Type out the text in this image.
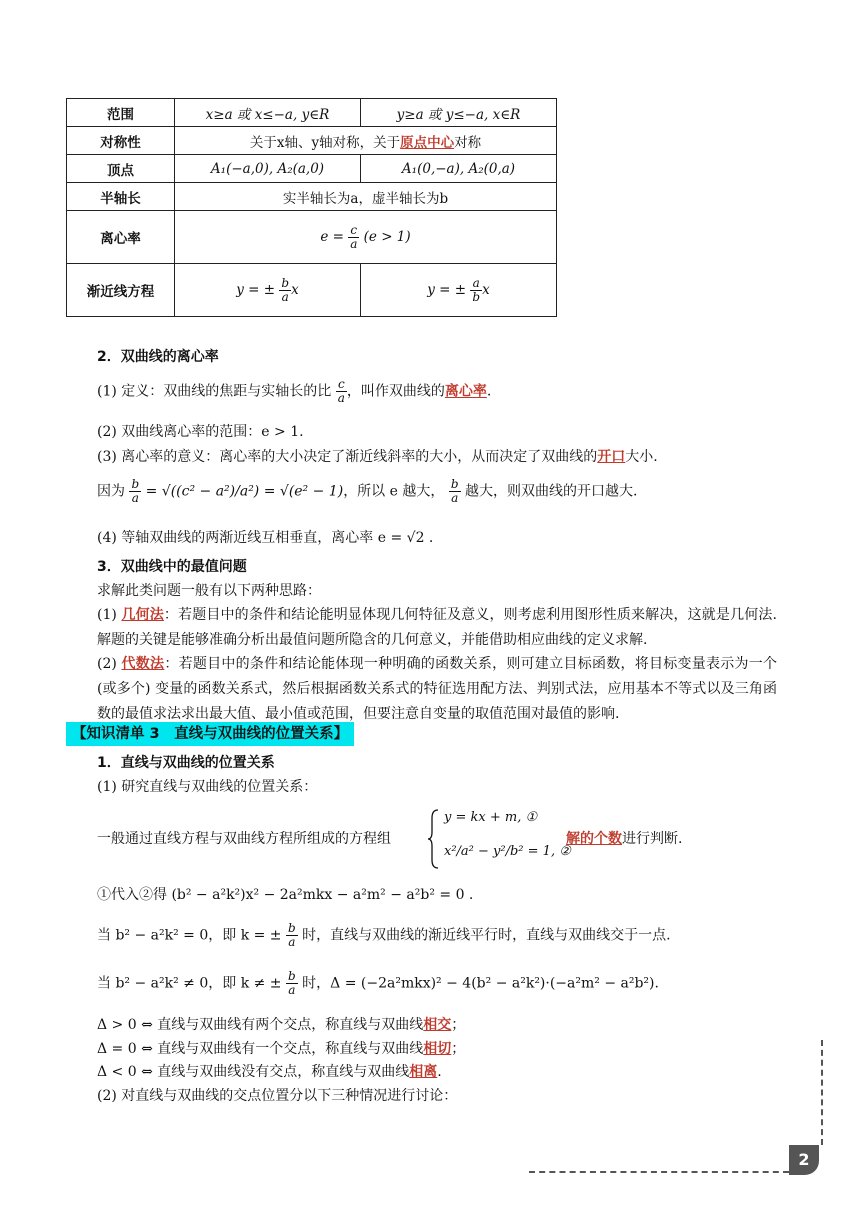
范围	x≥a 或 x≤−a, y∈R	y≥a 或 y≤−a, x∈R
对称性	关于x轴、y轴对称，关于原点中心对称	
顶点	A₁(−a,0), A₂(a,0)	A₁(0,−a), A₂(0,a)
半轴长	实半轴长为a，虚半轴长为b	
离心率	$e = \frac{c}{a} (e > 1)$	
渐近线方程	y = ± $\frac{b}{a}$ x	y = ± $\frac{a}{b}$ x
2．双曲线的离心率
(1) 定义：双曲线的焦距与实轴长的比 $\frac{c}{a}$ ，叫作双曲线的离心率.
(2) 双曲线离心率的范围：e > 1.
(3) 离心率的意义：离心率的大小决定了渐近线斜率的大小，从而决定了双曲线的开口大小.
因为 $\frac{b}{a} = √((c^2 - a^2)/a^2) = √(e^2 - 1)$，所以 e 越大， $\frac{b}{a}$ 越大，则双曲线的开口越大.
(4) 等轴双曲线的两渐近线互相垂直，离心率 e = √2 .
3．双曲线中的最值问题
求解此类问题一般有以下两种思路：
(1) 几何法：若题目中的条件和结论能明显体现几何特征及意义，则考虑利用图形性质来解决，这就是几何法. 解题的关键是能够准确分析出最值问题所隐含的几何意义，并能借助相应曲线的定义求解.
(2) 代数法：若题目中的条件和结论能体现一种明确的函数关系，则可建立目标函数，将目标变量表示为一个(或多个) 变量的函数关系式，然后根据函数关系式的特征选用配方法、判别式法，应用基本不等式以及三角函数的最值求法求出最大值、最小值或范围，但要注意自变量的取值范围对最值的影响.
【知识清单 3　直线与双曲线的位置关系】
1．直线与双曲线的位置关系
(1) 研究直线与双曲线的位置关系：
一般通过直线方程与双曲线方程所组成的方程组
y = kx + m, ①
x²/a² − y²/b² = 1, ②
解的个数进行判断.
①代入②得 (b² − a²k²)x² − 2a²mkx − a²m² − a²b² = 0 .
当 b² − a²k² = 0，即 k = ± $\frac{b}{a}$ 时，直线与双曲线的渐近线平行时，直线与双曲线交于一点.
当 b² − a²k² ≠ 0，即 k ≠ ± $\frac{b}{a}$ 时，Δ = (−2a²mkx)² − 4(b² − a²k²)·(−a²m² − a²b²).
Δ > 0 ⇔ 直线与双曲线有两个交点，称直线与双曲线相交；
Δ = 0 ⇔ 直线与双曲线有一个交点，称直线与双曲线相切；
Δ < 0 ⇔ 直线与双曲线没有交点，称直线与双曲线相离.
(2) 对直线与双曲线的交点位置分以下三种情况进行讨论：
2
